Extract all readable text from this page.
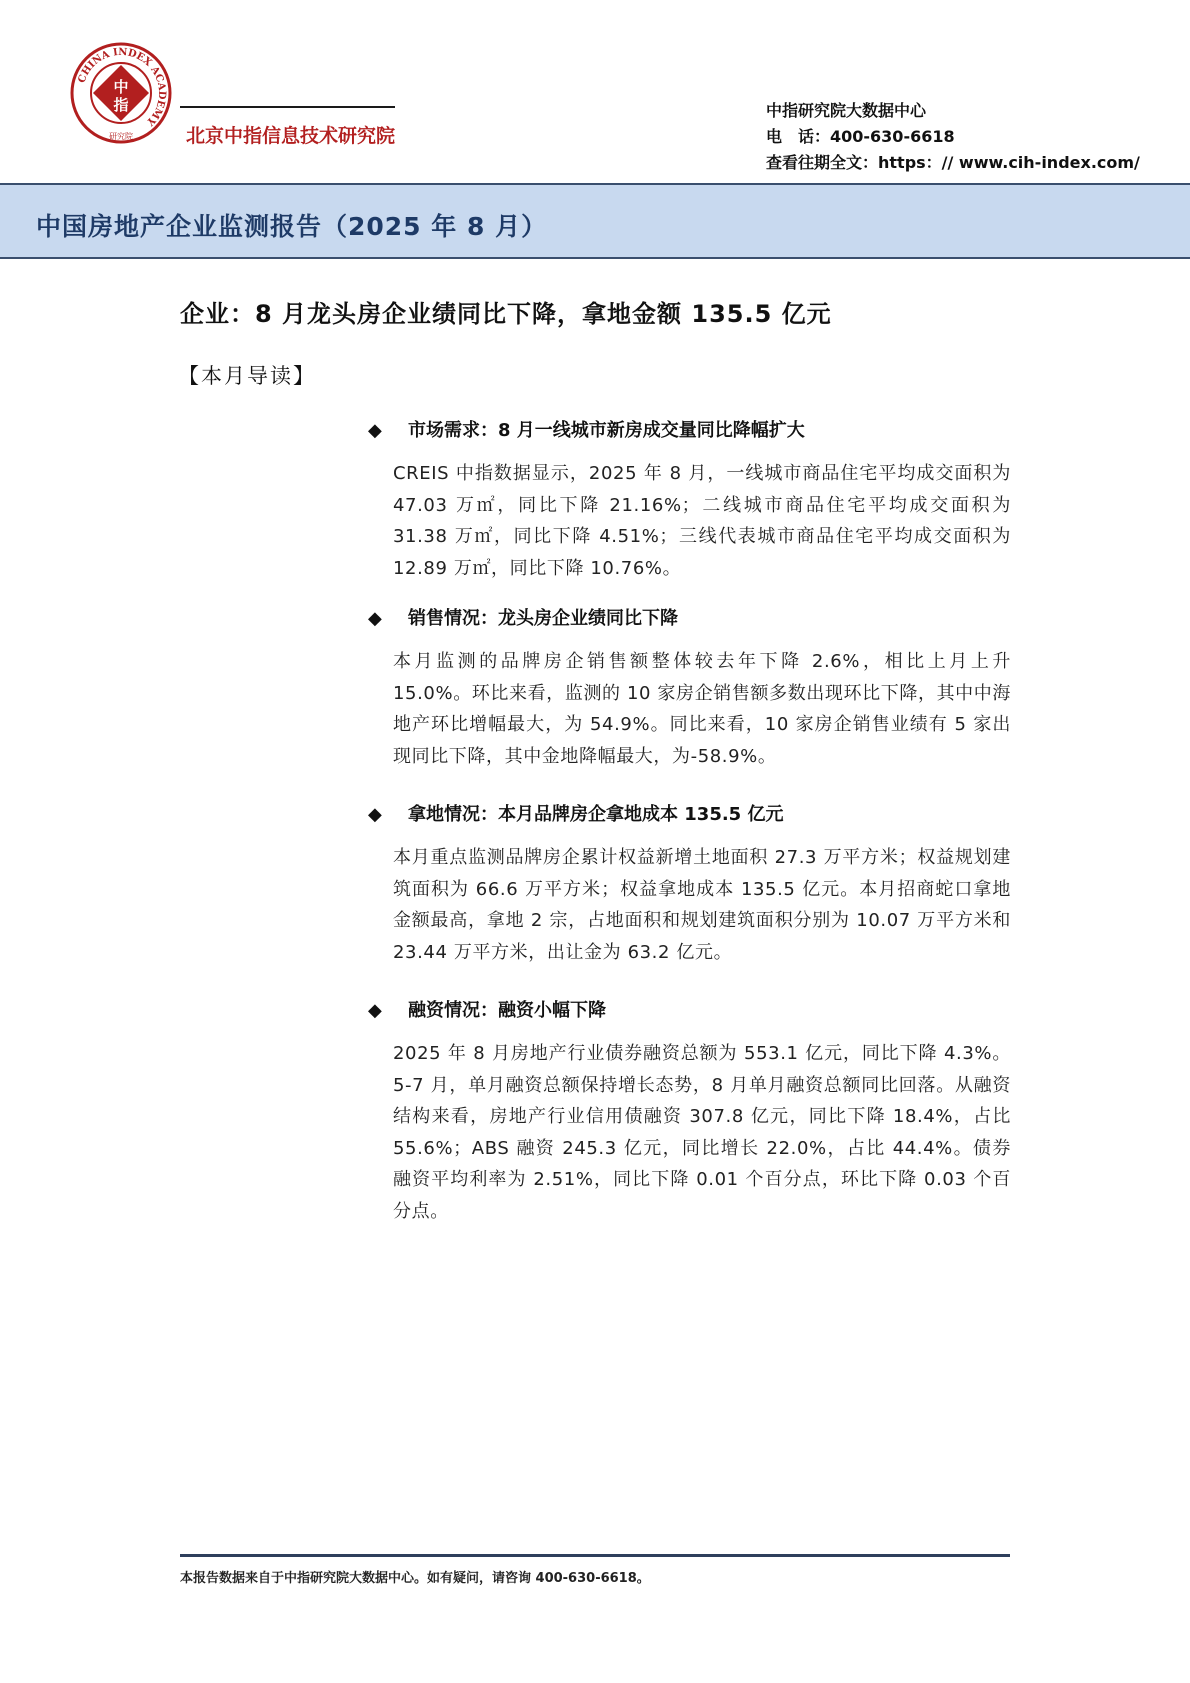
CHINA INDEX ACADEMY
中
指
研究院	北京中指信息技术研究院
中指研究院大数据中心
电　话：400-630-6618
查看往期全文：https：// www.cih-index.com/
中国房地产企业监测报告（2025 年 8 月）
企业：8 月龙头房企业绩同比下降，拿地金额 135.5 亿元
【本月导读】
◆ 市场需求：8 月一线城市新房成交量同比降幅扩大
CREIS 中指数据显示，2025 年 8 月，一线城市商品住宅平均成交面积为 47.03 万㎡，同比下降 21.16%；二线城市商品住宅平均成交面积为 31.38 万㎡，同比下降 4.51%；三线代表城市商品住宅平均成交面积为 12.89 万㎡，同比下降 10.76%。
◆ 销售情况：龙头房企业绩同比下降
本月监测的品牌房企销售额整体较去年下降 2.6%，相比上月上升 15.0%。环比来看，监测的 10 家房企销售额多数出现环比下降，其中中海地产环比增幅最大，为 54.9%。同比来看，10 家房企销售业绩有 5 家出现同比下降，其中金地降幅最大，为-58.9%。
◆ 拿地情况：本月品牌房企拿地成本 135.5 亿元
本月重点监测品牌房企累计权益新增土地面积 27.3 万平方米；权益规划建筑面积为 66.6 万平方米；权益拿地成本 135.5 亿元。本月招商蛇口拿地金额最高，拿地 2 宗，占地面积和规划建筑面积分别为 10.07 万平方米和 23.44 万平方米，出让金为 63.2 亿元。
◆ 融资情况：融资小幅下降
2025 年 8 月房地产行业债券融资总额为 553.1 亿元，同比下降 4.3%。5-7 月，单月融资总额保持增长态势，8 月单月融资总额同比回落。从融资结构来看，房地产行业信用债融资 307.8 亿元，同比下降 18.4%，占比 55.6%；ABS 融资 245.3 亿元，同比增长 22.0%，占比 44.4%。债券融资平均利率为 2.51%，同比下降 0.01 个百分点，环比下降 0.03 个百分点。
本报告数据来自于中指研究院大数据中心。如有疑问，请咨询 400-630-6618。
